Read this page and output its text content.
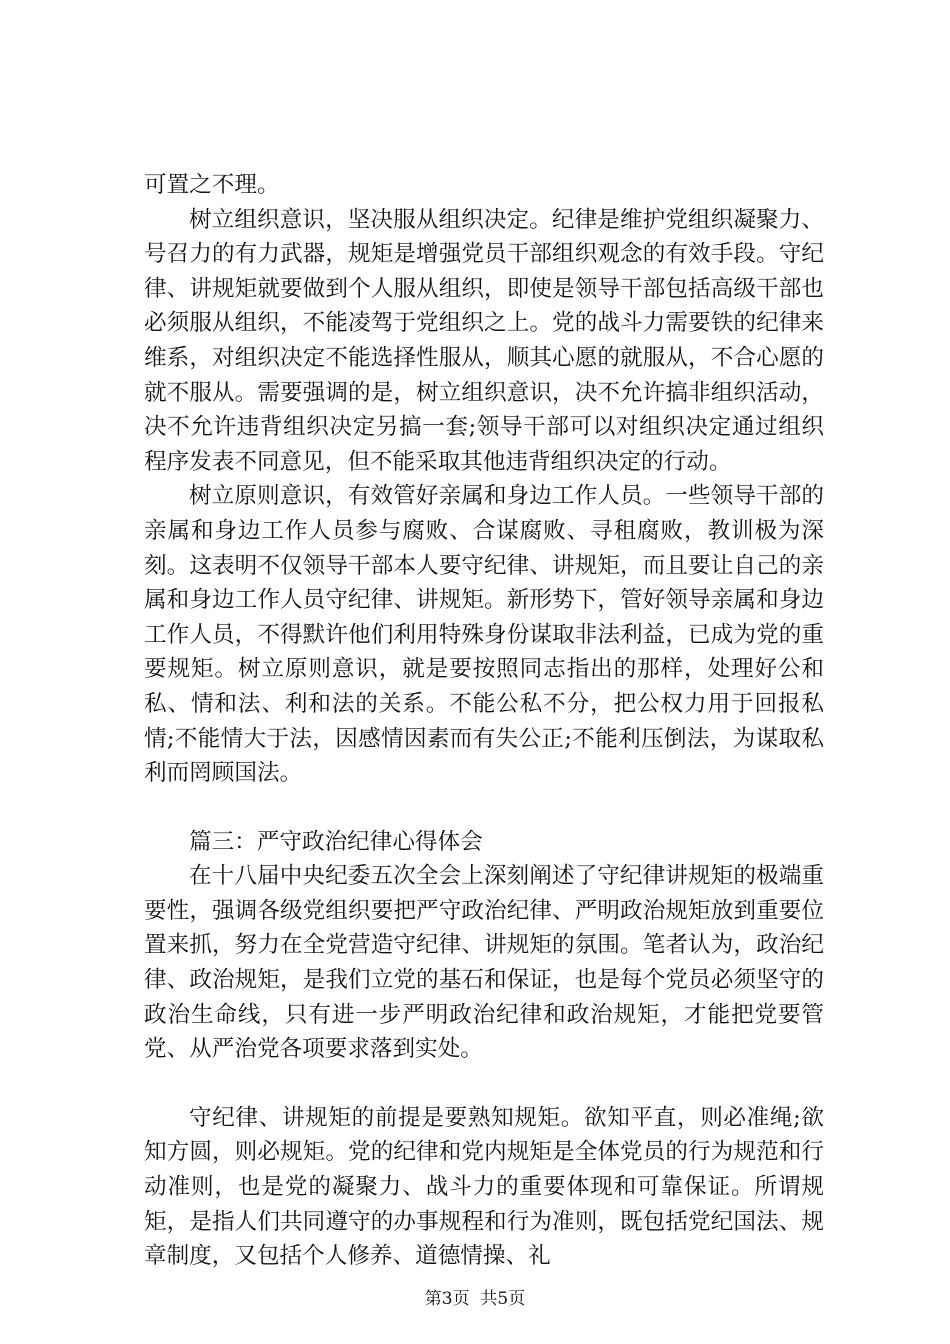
可置之不理。

树立组织意识，坚决服从组织决定。纪律是维护党组织凝聚力、号召力的有力武器，规矩是增强党员干部组织观念的有效手段。守纪律、讲规矩就要做到个人服从组织，即使是领导干部包括高级干部也必须服从组织，不能凌驾于党组织之上。党的战斗力需要铁的纪律来维系，对组织决定不能选择性服从，顺其心愿的就服从，不合心愿的就不服从。需要强调的是，树立组织意识，决不允许搞非组织活动，决不允许违背组织决定另搞一套;领导干部可以对组织决定通过组织程序发表不同意见，但不能采取其他违背组织决定的行动。

树立原则意识，有效管好亲属和身边工作人员。一些领导干部的亲属和身边工作人员参与腐败、合谋腐败、寻租腐败，教训极为深刻。这表明不仅领导干部本人要守纪律、讲规矩，而且要让自己的亲属和身边工作人员守纪律、讲规矩。新形势下，管好领导亲属和身边工作人员，不得默许他们利用特殊身份谋取非法利益，已成为党的重要规矩。树立原则意识，就是要按照同志指出的那样，处理好公和私、情和法、利和法的关系。不能公私不分，把公权力用于回报私情;不能情大于法，因感情因素而有失公正;不能利压倒法，为谋取私利而罔顾国法。

篇三：严守政治纪律心得体会

在十八届中央纪委五次全会上深刻阐述了守纪律讲规矩的极端重要性，强调各级党组织要把严守政治纪律、严明政治规矩放到重要位置来抓，努力在全党营造守纪律、讲规矩的氛围。笔者认为，政治纪律、政治规矩，是我们立党的基石和保证，也是每个党员必须坚守的政治生命线，只有进一步严明政治纪律和政治规矩，才能把党要管党、从严治党各项要求落到实处。

守纪律、讲规矩的前提是要熟知规矩。欲知平直，则必准绳;欲知方圆，则必规矩。党的纪律和党内规矩是全体党员的行为规范和行动准则，也是党的凝聚力、战斗力的重要体现和可靠保证。所谓规矩，是指人们共同遵守的办事规程和行为准则，既包括党纪国法、规章制度，又包括个人修养、道德情操、礼

第3页  共5页
